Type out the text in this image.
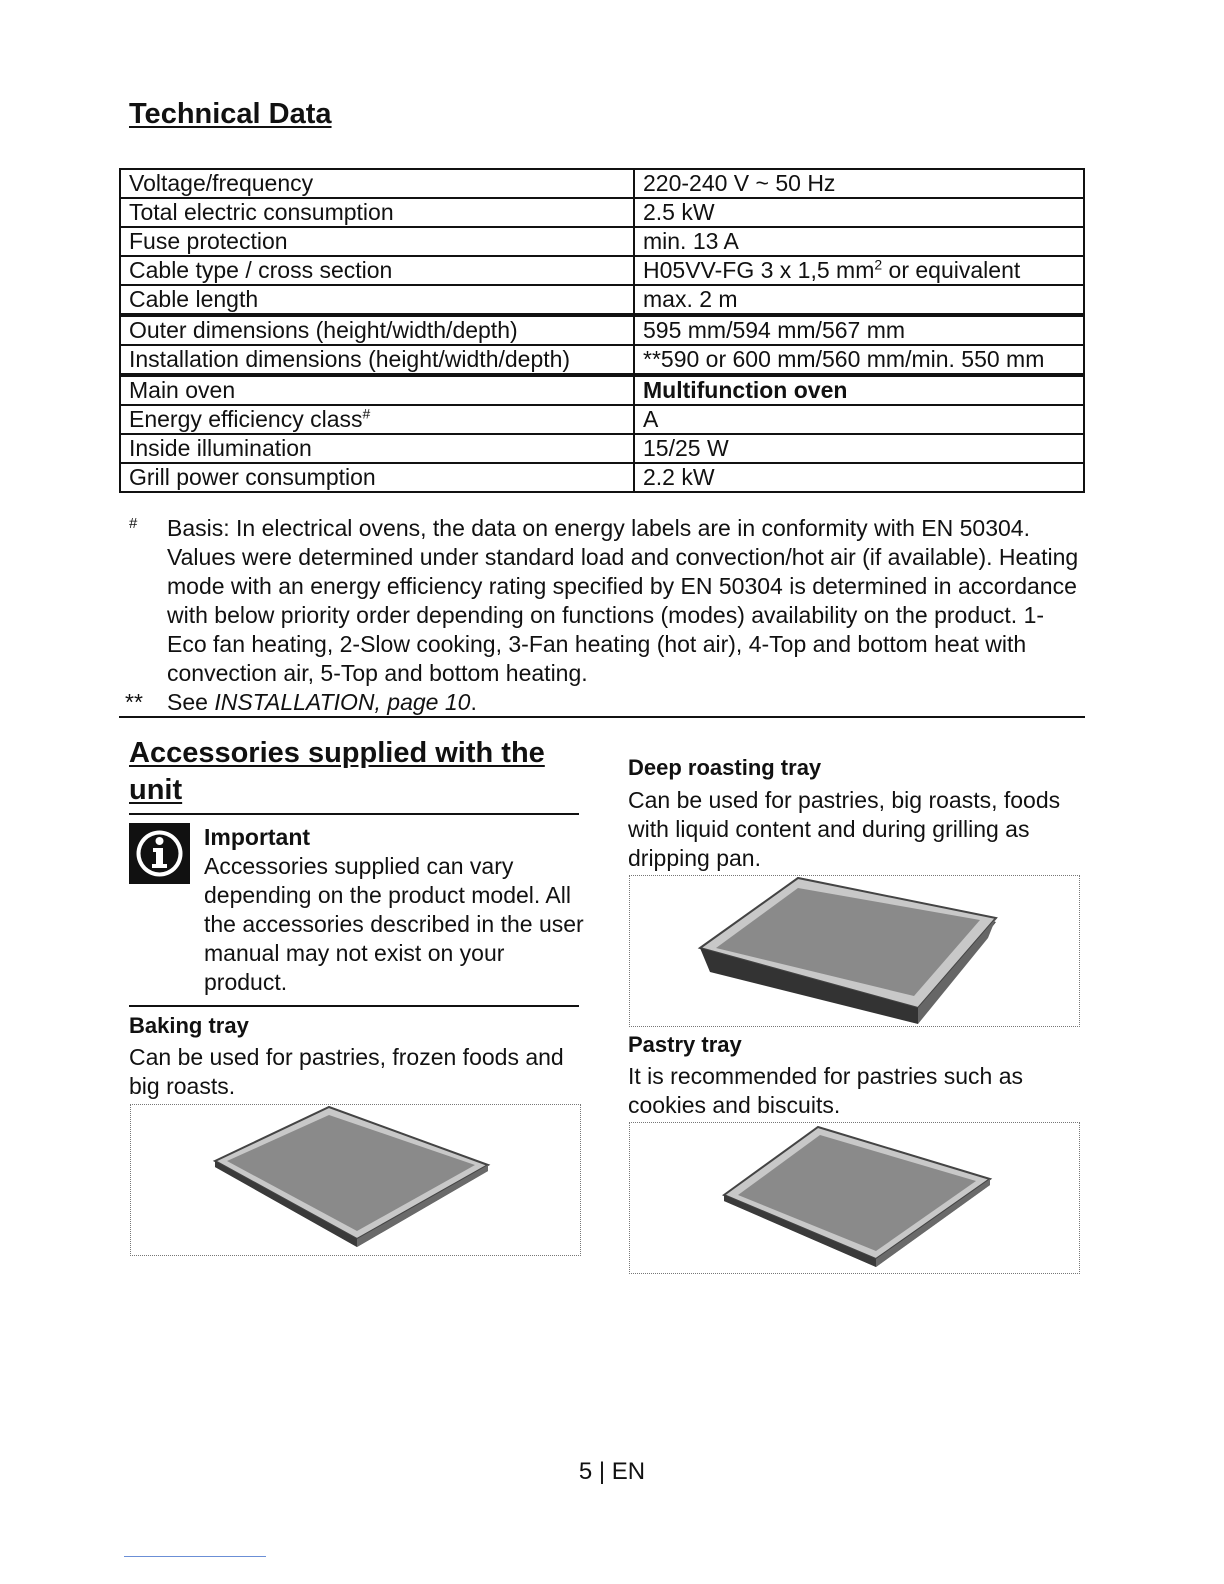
Technical Data
Voltage/frequency	220-240 V ~ 50 Hz
Total electric consumption	2.5 kW
Fuse protection	min. 13 A
Cable type / cross section	H05VV-FG 3 x 1,5 $mm^2$ or equivalent
Cable length	max. 2 m
Outer dimensions (height/width/depth)	595 mm/594 mm/567 mm
Installation dimensions (height/width/depth)	**590 or 600 mm/560 mm/min. 550 mm
Main oven	Multifunction oven
Energy efficiency class#	A
Inside illumination	15/25 W
Grill power consumption	2.2 kW
#	Basis: In electrical ovens, the data on energy labels are in conformity with EN 50304. Values were determined under standard load and convection/hot air (if available). Heating mode with an energy efficiency rating specified by EN 50304 is determined in accordance with below priority order depending on functions (modes) availability on the product. 1- Eco fan heating, 2-Slow cooking, 3-Fan heating (hot air), 4-Top and bottom heat with convection air, 5-Top and bottom heating.
**	See INSTALLATION, page 10.
Accessories supplied with the unit
Important
Accessories supplied can vary depending on the product model. All the accessories described in the user manual may not exist on your product.
Baking tray
Can be used for pastries, frozen foods and big roasts.
Deep roasting tray
Can be used for pastries, big roasts, foods with liquid content and during grilling as dripping pan.
Pastry tray
It is recommended for pastries such as cookies and biscuits.
5 | EN
